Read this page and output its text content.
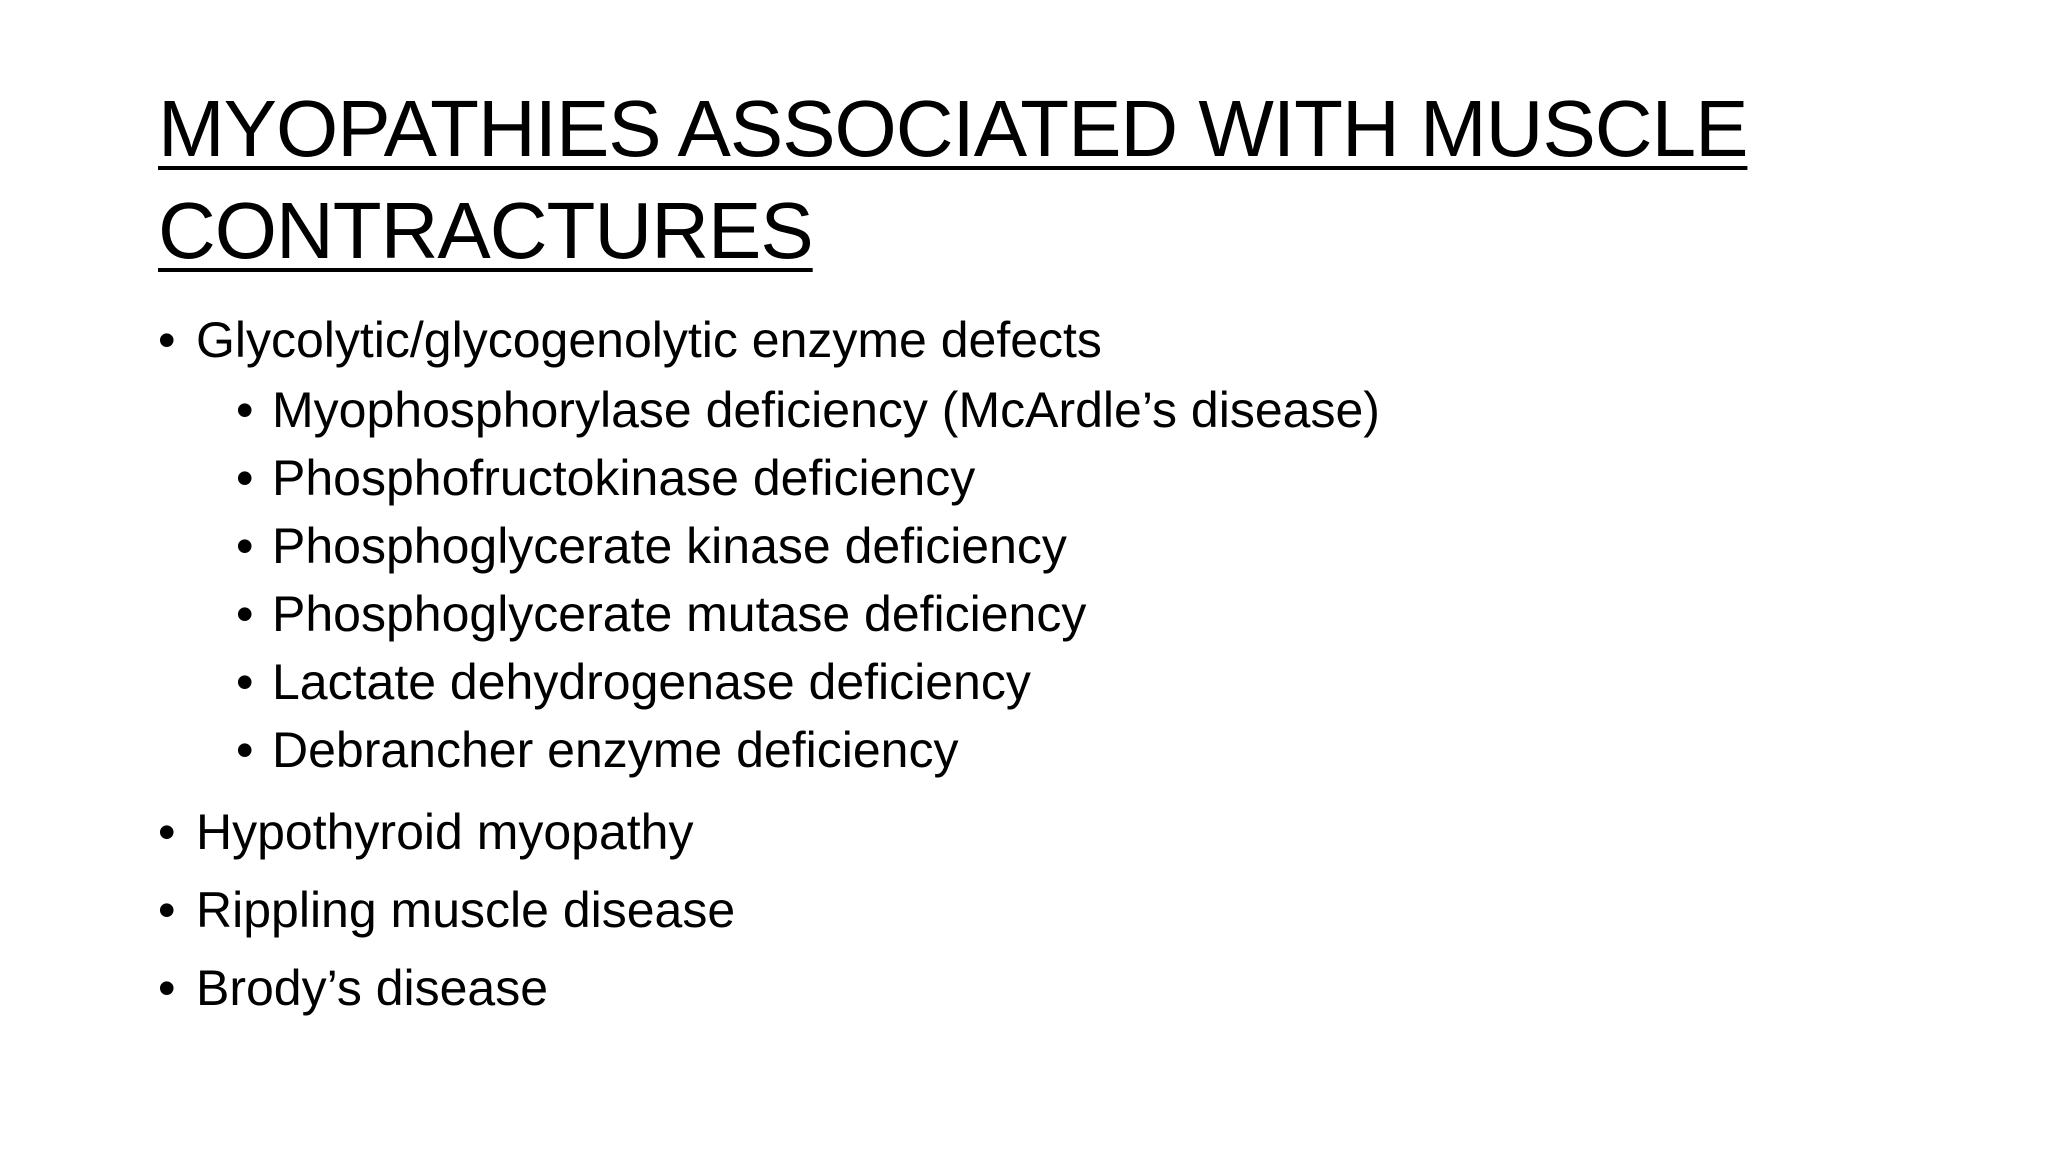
MYOPATHIES ASSOCIATED WITH MUSCLE CONTRACTURES
• Glycolytic/glycogenolytic enzyme defects
• Myophosphorylase deficiency (McArdle’s disease)
• Phosphofructokinase deficiency
• Phosphoglycerate kinase deficiency
• Phosphoglycerate mutase deficiency
• Lactate dehydrogenase deficiency
• Debrancher enzyme deficiency
• Hypothyroid myopathy
• Rippling muscle disease
• Brody’s disease
